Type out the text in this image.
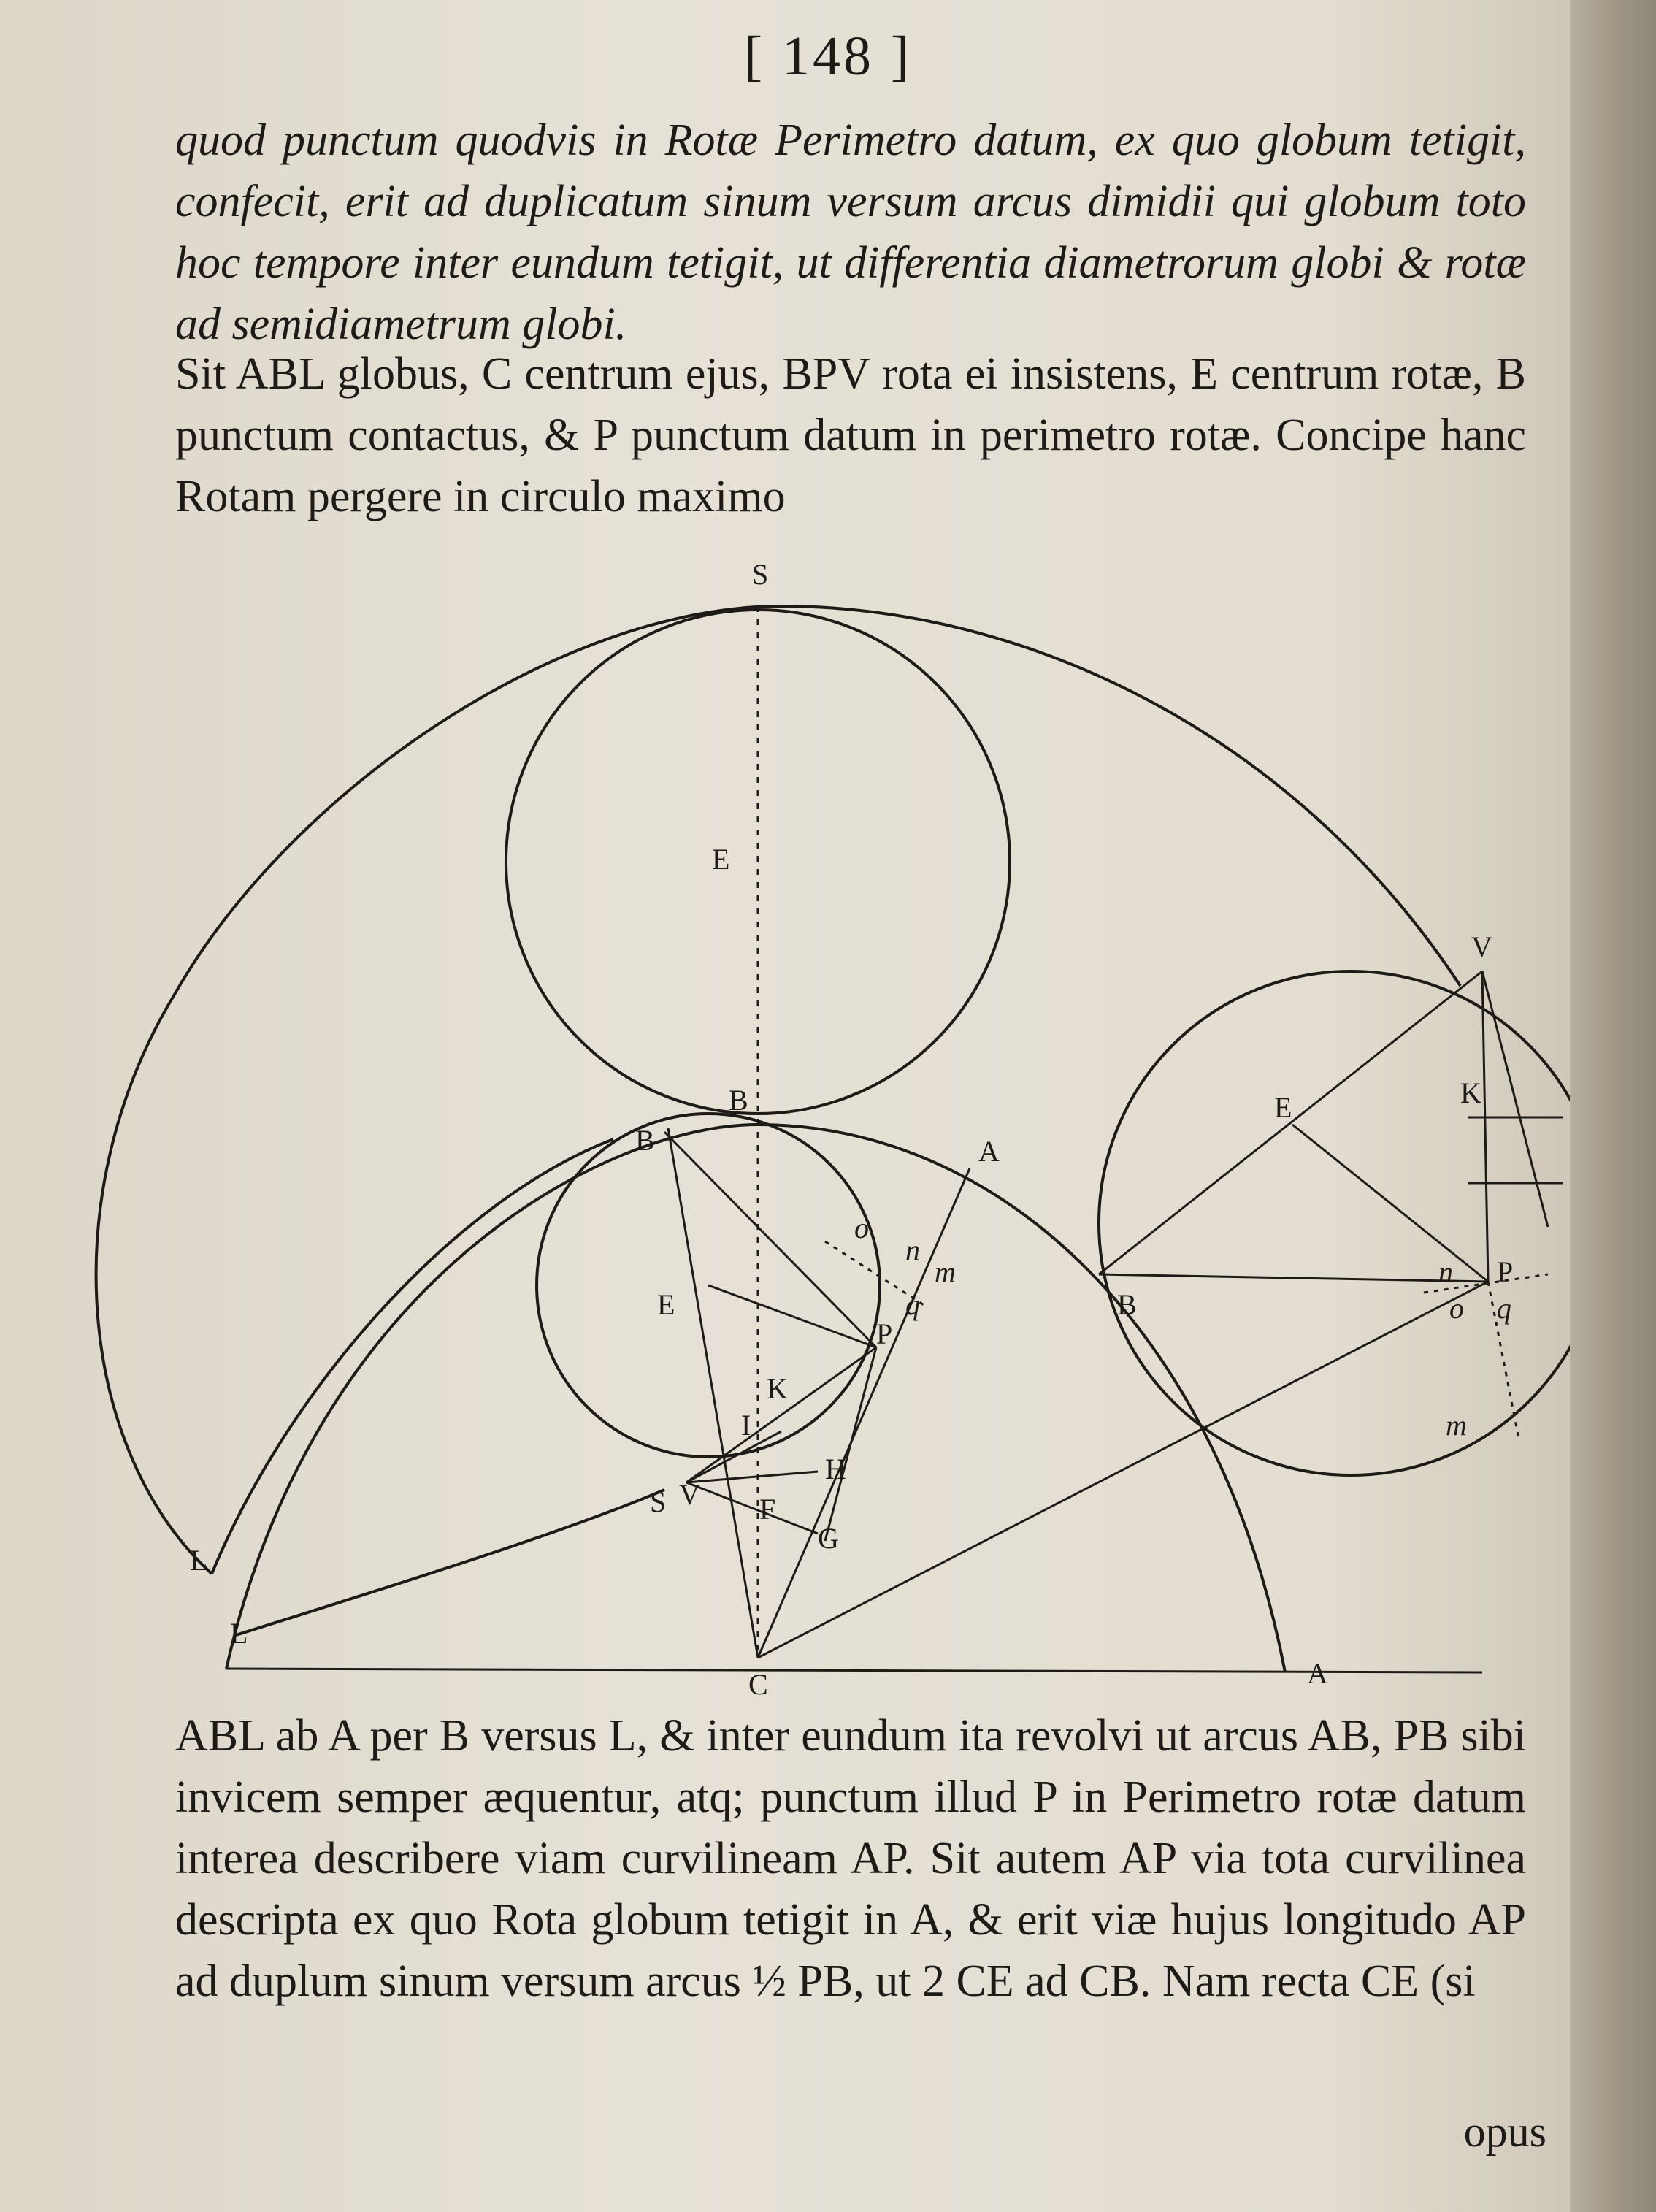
[ 148 ]

quod punctum quodvis in Rotæ Perimetro datum, ex quo globum tetigit, confecit, erit ad duplicatum sinum versum arcus dimidii qui globum toto hoc tempore inter eundum tetigit, ut differentia diametrorum globi & rotæ ad semidiametrum globi.

Sit ABL globus, C centrum ejus, BPV rota ei insistens, E centrum rotæ, B punctum contactus, & P punctum datum in perimetro rotæ. Concipe hanc Rotam pergere in circulo maximo

S
E
V
E	K
B
B	A
o
n
m
q
E
P
K
I
H
S V F
G
L
L
C	A
B
n P
o q
m

ABL ab A per B versus L, & inter eundum ita revolvi ut arcus AB, PB sibi invicem semper æquentur, atq; punctum illud P in Perimetro rotæ datum interea describere viam curvilineam AP. Sit autem AP via tota curvilinea descripta ex quo Rota globum tetigit in A, & erit viæ hujus longitudo AP ad duplum sinum versum arcus ½ PB, ut 2 CE ad CB. Nam recta CE (si

opus
